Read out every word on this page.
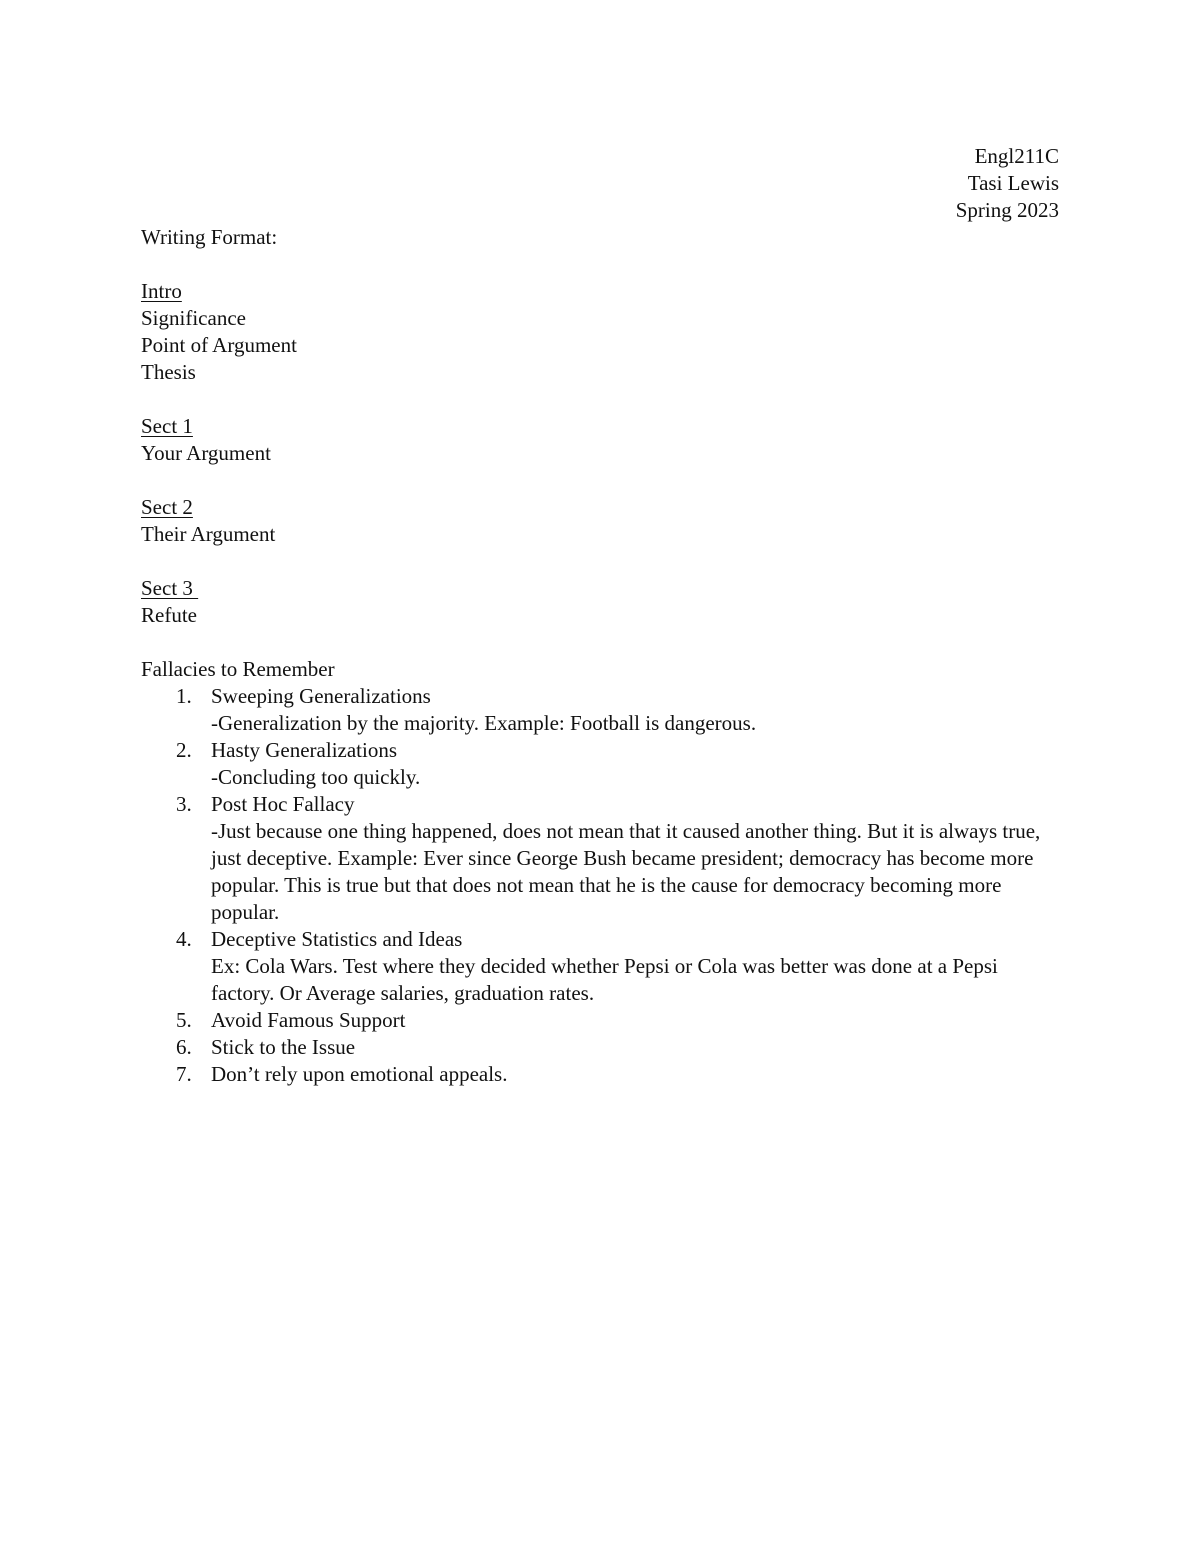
Engl211C
Tasi Lewis
Spring 2023
Writing Format:
Intro
Significance
Point of Argument
Thesis
Sect 1
Your Argument
Sect 2
Their Argument
Sect 3
Refute
Fallacies to Remember
1. Sweeping Generalizations
-Generalization by the majority. Example: Football is dangerous.
2. Hasty Generalizations
-Concluding too quickly.
3. Post Hoc Fallacy
-Just because one thing happened, does not mean that it caused another thing. But it is always true, just deceptive. Example: Ever since George Bush became president; democracy has become more popular. This is true but that does not mean that he is the cause for democracy becoming more popular.
4. Deceptive Statistics and Ideas
Ex: Cola Wars. Test where they decided whether Pepsi or Cola was better was done at a Pepsi factory. Or Average salaries, graduation rates.
5. Avoid Famous Support
6. Stick to the Issue
7. Don’t rely upon emotional appeals.
